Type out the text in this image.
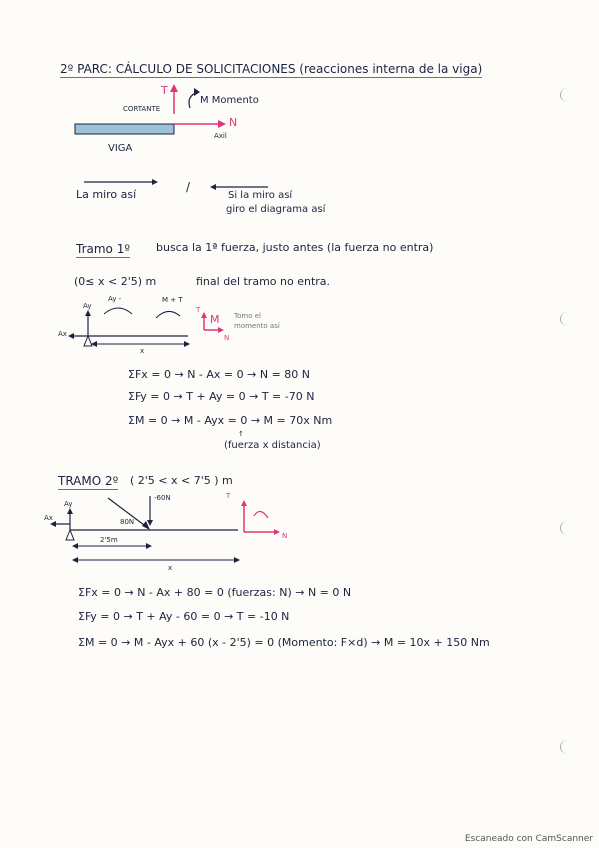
2º PARC: CÁLCULO DE SOLICITACIONES (reacciones interna de la viga)
CORTANTE
T
M Momento
N
Axil
VIGA
La miro así
/
Si la miro así
giro el diagrama así
Tramo 1º busca la 1ª fuerza, justo antes (la fuerza no entra)
(0≤ x < 2'5) m	final del tramo no entra.
Ay
Ax
Ay -	M + T
x
M
T
N
Tomo el
momento así
ΣFx = 0 → N - Ax = 0 → N = 80 N
ΣFy = 0 → T + Ay = 0 → T = -70 N
ΣM = 0 → M - Ayx = 0 → M = 70x Nm
↑
(fuerza x distancia)
TRAMO 2º ( 2'5 < x < 7'5 ) m
Ay
Ax
-60N
80N
2'5m
x
T
N
ΣFx = 0 → N - Ax + 80 = 0 (fuerzas: N) → N = 0 N
ΣFy = 0 → T + Ay - 60 = 0 → T = -10 N
ΣM = 0 → M - Ayx + 60 (x - 2'5) = 0 (Momento: F×d) → M = 10x + 150 Nm
Escaneado con CamScanner
